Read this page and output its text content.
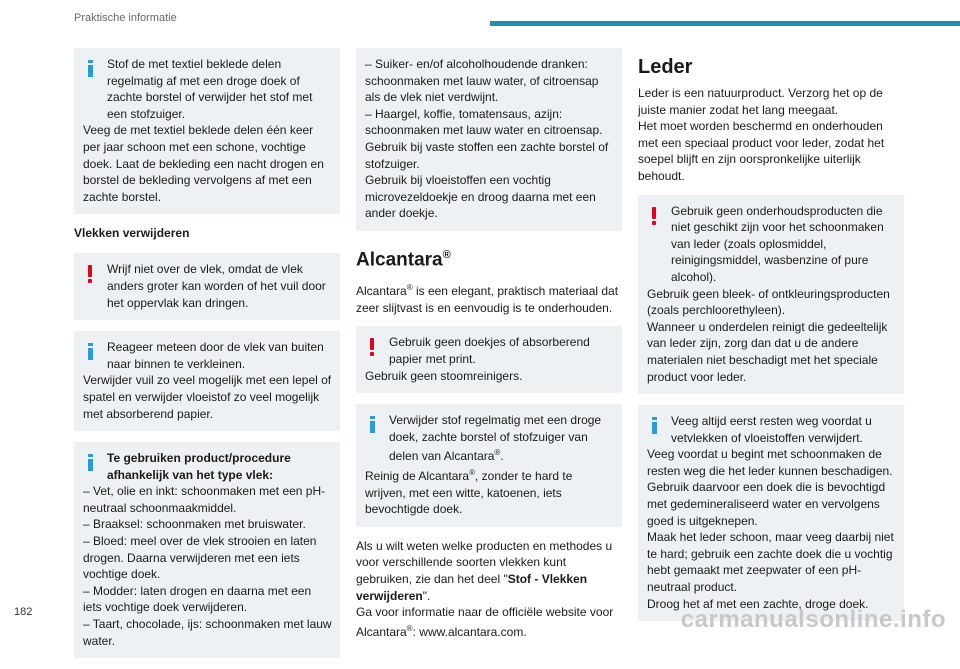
Praktische informatie

Stof de met textiel beklede delen regelmatig af met een droge doek of zachte borstel of verwijder het stof met een stofzuiger.

Veeg de met textiel beklede delen één keer per jaar schoon met een schone, vochtige doek. Laat de bekleding een nacht drogen en borstel de bekleding vervolgens af met een zachte borstel.

Vlekken verwijderen

Wrijf niet over de vlek, omdat de vlek anders groter kan worden of het vuil door het oppervlak kan dringen.

Reageer meteen door de vlek van buiten naar binnen te verkleinen.

Verwijder vuil zo veel mogelijk met een lepel of spatel en verwijder vloeistof zo veel mogelijk met absorberend papier.

Te gebruiken product/procedure afhankelijk van het type vlek:

– Vet, olie en inkt: schoonmaken met een pH-neutraal schoonmaakmiddel.

– Braaksel: schoonmaken met bruiswater.

– Bloed: meel over de vlek strooien en laten drogen. Daarna verwijderen met een iets vochtige doek.

– Modder: laten drogen en daarna met een iets vochtige doek verwijderen.

– Taart, chocolade, ijs: schoonmaken met lauw water.

– Suiker- en/of alcoholhoudende dranken: schoonmaken met lauw water, of citroensap als de vlek niet verdwijnt.

– Haargel, koffie, tomatensaus, azijn: schoonmaken met lauw water en citroensap.

Gebruik bij vaste stoffen een zachte borstel of stofzuiger.

Gebruik bij vloeistoffen een vochtig microvezeldoekje en droog daarna met een ander doekje.

Alcantara®

Alcantara® is een elegant, praktisch materiaal dat zeer slijtvast is en eenvoudig is te onderhouden.

Gebruik geen doekjes of absorberend papier met print.

Gebruik geen stoomreinigers.

Verwijder stof regelmatig met een droge doek, zachte borstel of stofzuiger van delen van Alcantara®.

Reinig de Alcantara®, zonder te hard te wrijven, met een witte, katoenen, iets bevochtigde doek.

Als u wilt weten welke producten en methodes u voor verschillende soorten vlekken kunt gebruiken, zie dan het deel "Stof - Vlekken verwijderen".
Ga voor informatie naar de officiële website voor Alcantara®: www.alcantara.com.

Leder

Leder is een natuurproduct. Verzorg het op de juiste manier zodat het lang meegaat.

Het moet worden beschermd en onderhouden met een speciaal product voor leder, zodat het soepel blijft en zijn oorspronkelijke uiterlijk behoudt.

Gebruik geen onderhoudsproducten die niet geschikt zijn voor het schoonmaken van leder (zoals oplosmiddel, reinigingsmiddel, wasbenzine of pure alcohol).

Gebruik geen bleek- of ontkleuringsproducten (zoals perchloorethyleen).

Wanneer u onderdelen reinigt die gedeeltelijk van leder zijn, zorg dan dat u de andere materialen niet beschadigt met het speciale product voor leder.

Veeg altijd eerst resten weg voordat u vetvlekken of vloeistoffen verwijdert.

Veeg voordat u begint met schoonmaken de resten weg die het leder kunnen beschadigen.

Gebruik daarvoor een doek die is bevochtigd met gedemineraliseerd water en vervolgens goed is uitgeknepen.

Maak het leder schoon, maar veeg daarbij niet te hard; gebruik een zachte doek die u vochtig hebt gemaakt met zeepwater of een pH-neutraal product.

Droog het af met een zachte, droge doek.

182	carmanualsonline.info
